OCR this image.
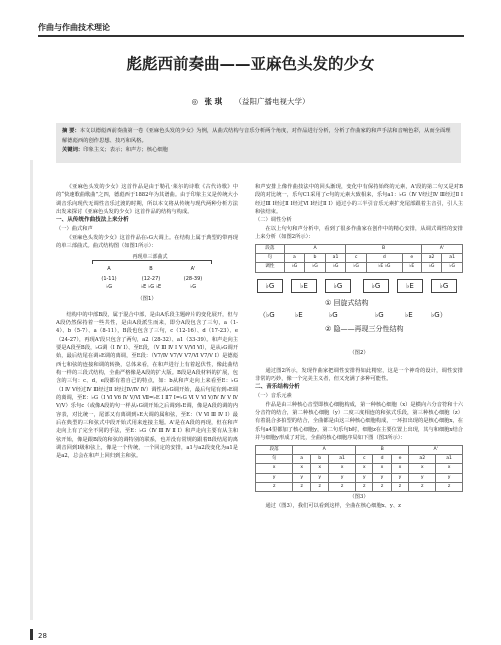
作曲与作曲技术理论
彪彪西前奏曲——亚麻色头发的少女
◎ 张 琪 （益阳广播电视大学）
摘 要：本文以德彪西前奏曲第一卷《亚麻色头发的少女》为例，从曲式结构与音乐分析两个角度，对作品进行分析，分析了作曲家的和声手法和音响色彩，从而全面理解德彪西的创作思想、技巧和风格。
关键词：印象主义；表示；和声方；核心细胞

《亚麻色头发的少女》这首作品是由于勒孔·莱尔的诗歌《古代诗歌》中的“快速歌曲歌曲”之四，德彪西于1882年为其谱曲。由于印象主义是传统大小调音乐向现代无调性音乐过渡的时期，所以本文将从传统与现代两种分析方法出发来探讨《亚麻色头发的少女》这首作品的结构与构成。

一、从传统作曲技法上来分析
（一）曲式和声

《亚麻色头发的少女》这首作品在♭G大调上。在结构上属于典型的带再现的单三部曲式。曲式结构图（如图1所示）：

再现单三部曲式
A	B	A'
(1-11)	(12-27)	(28-39)
♭G	♭E ♭G ♭E	♭G
（图1）

结构中的中部B段，属于混合中部，是由A乐段主题碎片的变化展开，但与A段仍然保持着一些共性，是由A段派生而来，即分A段包含了三句，a（1-4）、b（5-7）、a（8-11），B段也包含了三句，c（12-16）、d（17-23）、e（24-27），再现A'段只包含了两句，a2（28-32）、a1（33-39）。和声走向主要是A段至B段，♭G调（Ⅰ Ⅳ Ⅰ）、至E段，（V Ⅲ Ⅳ Ⅰ Ⅴ V/Ⅵ Ⅵ），是从♭G调开始，最后结尾在调♭E调的离调，至E段：（V7/Ⅳ V7/V V7/Ⅵ V7/V Ⅰ）是德彪西七和弦的连接和调的转换，总体来看，在和声进行上有着起伏性，像此曲结构一样的三段式结构，全曲严格像是A段的扩大版。B段是A段材料的扩展，包含的三句：c、d，e段都有着自己的特点，如：b从和声走向上来看至E：♭G（Ⅰ Ⅳ Ⅴ经过Ⅳ Ⅲ经过Ⅱ Ⅰ经过Ⅳ/Ⅳ Ⅳ）调性从♭G调开始，最后句尾有到♭E调的离调，至E：♭G（Ⅰ Ⅵ V6 Ⅳ V/Ⅵ Ⅶ=♭E Ⅰ Ⅱ7 Ⅰ=♭G Ⅵ V Ⅵ V/Ⅳ Ⅳ V Ⅳ V/Ⅴ）乐句c（或像A段的句一样从♭G调开始之后调到♭E调，像是A段的调的内容表，对比统一，尾部又有离调到♭E大调的属和弦，至E：（V Ⅵ Ⅲ Ⅳ Ⅰ）最后在典型的三和弦式中段开始式用来连接主题。A'是在A段的再现，但在和声走向上有了完全不同的手法，至E：♭G（Ⅳ Ⅲ Ⅳ Ⅱ Ⅰ）和声走向主要有从主和弦开始，像是跟B段的和弦的调特别的联系，也并没有常规的跟着B段结尾的离调音回到Ⅰ级和弦上，像是一个传统，一个回定的安排，a1与a2段变化为a1是是a2，总会在和声上回归到主和弦。

和声安排上像作曲技法中的回头渐现，变化中有保持始终的元素，A'段的第二句又是对B段的对比统一，乐句C1采用了c句的元素大致相来，乐句a1：♭G（Ⅳ V经过Ⅳ Ⅲ经过Ⅱ Ⅰ经过Ⅲ Ⅰ经过Ⅱ Ⅰ经过Ⅵ Ⅰ经过Ⅱ Ⅰ）通过小的三半引音乐元素扩充尾部跟着主音引，引人主和弦结束。

（二）调性分析

在以上句句和声分析中，看到了很多作曲家在创作中的精心安排，从调式调性的安排上来分析（如图2所示）：

段落	A			B			A'	
句	a	b	a1	c	d	e	a2	a1
调性	♭G	♭G	♭G	♭G	♭E ♭G	♭E	♭G	♭G
♭G	♭E	♭G	♭G	♭E	♭G
① 回旋式结构
（♭G	♭E	♭G	♭G	♭E	♭G）
② 隐——再现三分性结构
（图2）

通过图2所示，发现作曲家把调性安排得如此精密，这是一个神奇的设计，调性安排非常的巧妙，像一个完美主义者，但又充满了多种可能性。

二、音乐结构分析
（一）音乐元素

作品是由三种核心音型即核心细胞构成，第一种核心细胞（x）是横向六分音符和十六分音符的结合，第二种核心细胞（y）二度三度相连的和弦式乐段，第三种核心细胞（z）有着混合多拍型的结合，全曲都是由这三种核心细胞构成，一环扣出现的是核心细胞x，在乐句a4里都加了核心细胞y，第二句乐句b时，细胞z在主要位置上出现，其与和细胞x结合并与细胞y形成了对比，全曲的核心细胞序局如下图（图3所示）：

段落	A			B			A'	
句	a	b	a1	c	d	e	a2	a1
x	x	x	x	x	x	x	x	x
y	y	y	y	y	y	y	y	y
z	z	z	z	z	z	z	z	z
（图3）

通过（图3），我们可以看到这样，全曲在核心细胞x、y、z

28
